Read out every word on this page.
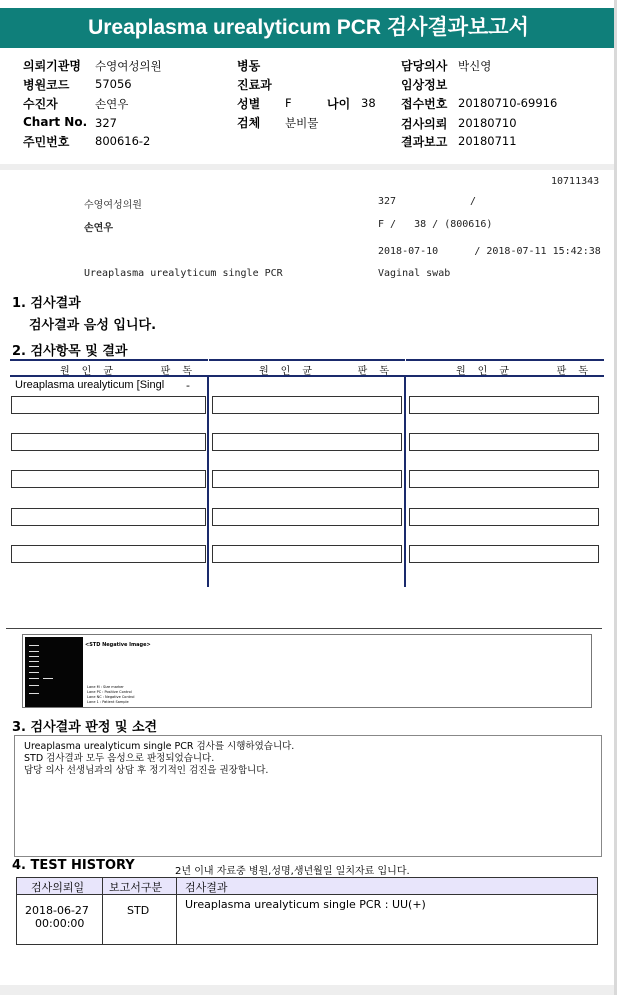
Ureaplasma urealyticum PCR 검사결과보고서
의뢰기관명 수영여성의원	병동	담당의사 박신영
병원코드 57056	진료과	임상정보
수진자	손연우	성별 F	나이 38 접수번호 20180710-69916
Chart No. 327	검체 분비물	검사의뢰 20180710
주민번호 800616-2	결과보고 20180711
10711343
수영여성의원	327	/
손연우	F /   38 / (800616)
2018-07-10      / 2018-07-11 15:42:38
Ureaplasma urealyticum single PCR	Vaginal swab
1. 검사결과
검사결과 음성 입니다.
2. 검사항목 및 결과
원인균	판독
Ureaplasma urealyticum [Singl -
원인균	판독	원인균	판독
<STD Negative Image>
Lane M : Size marker
Lane PC : Positive Control
Lane NC : Negative Control
Lane 1 : Patient Sample
3. 검사결과 판정 및 소견
Ureaplasma urealyticum single PCR 검사를 시행하였습니다.
STD 검사결과 모두 음성으로 판정되었습니다.
담당 의사 선생님과의 상담 후 정기적인 검진을 권장합니다.
4. TEST HISTORY	2년 이내 자료중 병원,성명,생년월일 일치자료 입니다.
검사의뢰일 보고서구분 검사결과
2018-06-27
00:00:00
STD	Ureaplasma urealyticum single PCR : UU(+)
